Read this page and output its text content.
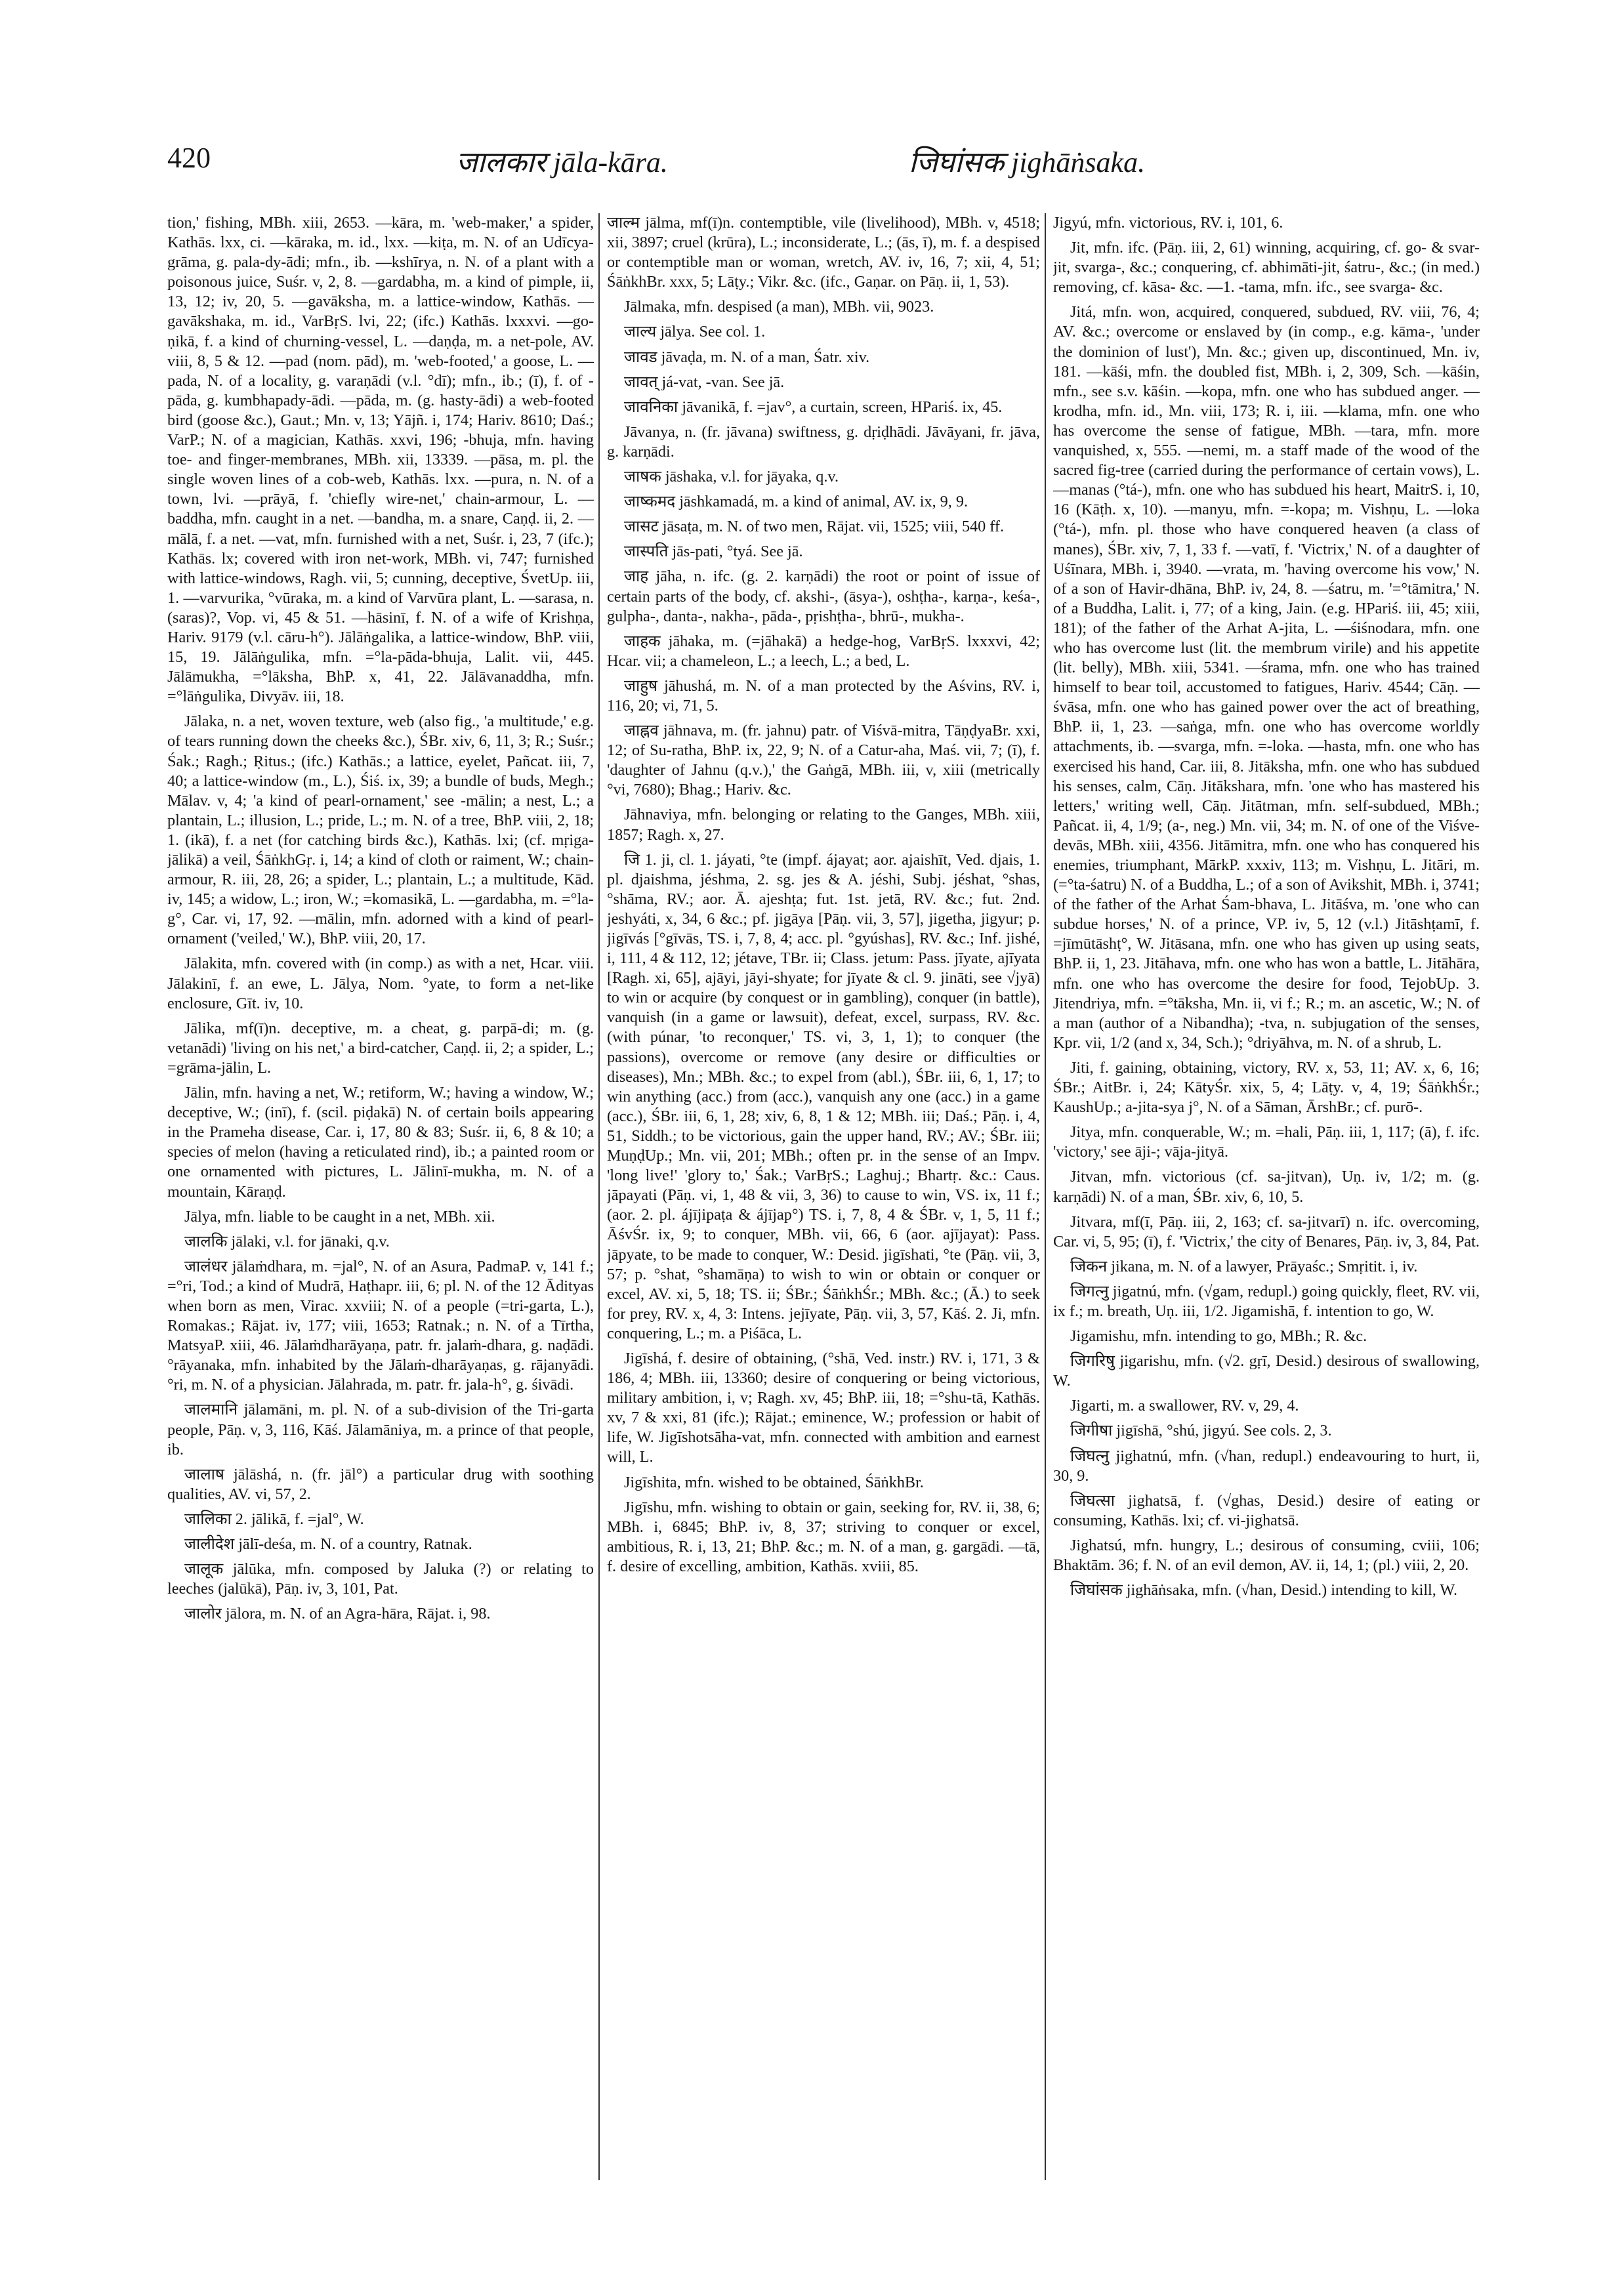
420	जालकार jāla-kāra.	जिघांसक jighāṅsaka.

tion,' fishing, MBh. xiii, 2653. —kāra, m. 'web-maker,' a spider, Kathās. lxx, ci. —kāraka, m. id., lxx. —kiṭa, m. N. of an Udīcya-grāma, g. pala-dy-ādi; mfn., ib. —kshīrya, n. N. of a plant with a poisonous juice, Suśr. v, 2, 8. —gardabha, m. a kind of pimple, ii, 13, 12; iv, 20, 5. —gavāksha, m. a lattice-window, Kathās. —gavākshaka, m. id., VarBṛS. lvi, 22; (ifc.) Kathās. lxxxvi. —go-ṇikā, f. a kind of churning-vessel, L. —daṇḍa, m. a net-pole, AV. viii, 8, 5 & 12. —pad (nom. pād), m. 'web-footed,' a goose, L. —pada, N. of a locality, g. varaṇādi (v.l. °dī); mfn., ib.; (ī), f. of -pāda, g. kumbhapady-ādi. —pāda, m. (g. hasty-ādi) a web-footed bird (goose &c.), Gaut.; Mn. v, 13; Yājñ. i, 174; Hariv. 8610; Daś.; VarP.; N. of a magician, Kathās. xxvi, 196; -bhuja, mfn. having toe- and finger-membranes, MBh. xii, 13339. —pāsa, m. pl. the single woven lines of a cob-web, Kathās. lxx. —pura, n. N. of a town, lvi. —prāyā, f. 'chiefly wire-net,' chain-armour, L. —baddha, mfn. caught in a net. —bandha, m. a snare, Caṇḍ. ii, 2. —mālā, f. a net. —vat, mfn. furnished with a net, Suśr. i, 23, 7 (ifc.); Kathās. lx; covered with iron net-work, MBh. vi, 747; furnished with lattice-windows, Ragh. vii, 5; cunning, deceptive, ŚvetUp. iii, 1. —varvurika, °vūraka, m. a kind of Varvūra plant, L. —sarasa, n. (saras)?, Vop. vi, 45 & 51. —hāsinī, f. N. of a wife of Krishṇa, Hariv. 9179 (v.l. cāru-h°). Jālāṅgalika, a lattice-window, BhP. viii, 15, 19. Jālāṅgulika, mfn. =°la-pāda-bhuja, Lalit. vii, 445. Jālāmukha, =°lāksha, BhP. x, 41, 22. Jālāvanaddha, mfn. =°lāṅgulika, Divyāv. iii, 18.

Jālaka, n. a net, woven texture, web (also fig., 'a multitude,' e.g. of tears running down the cheeks &c.), ŚBr. xiv, 6, 11, 3; R.; Suśr.; Śak.; Ragh.; Ṛitus.; (ifc.) Kathās.; a lattice, eyelet, Pañcat. iii, 7, 40; a lattice-window (m., L.), Śiś. ix, 39; a bundle of buds, Megh.; Mālav. v, 4; 'a kind of pearl-ornament,' see -mālin; a nest, L.; a plantain, L.; illusion, L.; pride, L.; m. N. of a tree, BhP. viii, 2, 18; 1. (ikā), f. a net (for catching birds &c.), Kathās. lxi; (cf. mṛiga-jālikā) a veil, ŚāṅkhGṛ. i, 14; a kind of cloth or raiment, W.; chain-armour, R. iii, 28, 26; a spider, L.; plantain, L.; a multitude, Kād. iv, 145; a widow, L.; iron, W.; =komasikā, L. —gardabha, m. =°la-g°, Car. vi, 17, 92. —mālin, mfn. adorned with a kind of pearl-ornament ('veiled,' W.), BhP. viii, 20, 17.

Jālakita, mfn. covered with (in comp.) as with a net, Hcar. viii. Jālakinī, f. an ewe, L. Jālya, Nom. °yate, to form a net-like enclosure, Gīt. iv, 10.

Jālika, mf(ī)n. deceptive, m. a cheat, g. parpā-di; m. (g. vetanādi) 'living on his net,' a bird-catcher, Caṇḍ. ii, 2; a spider, L.; =grāma-jālin, L.

Jālin, mfn. having a net, W.; retiform, W.; having a window, W.; deceptive, W.; (inī), f. (scil. piḍakā) N. of certain boils appearing in the Prameha disease, Car. i, 17, 80 & 83; Suśr. ii, 6, 8 & 10; a species of melon (having a reticulated rind), ib.; a painted room or one ornamented with pictures, L. Jālinī-mukha, m. N. of a mountain, Kāraṇḍ.

Jālya, mfn. liable to be caught in a net, MBh. xii.

जालकि jālaki, v.l. for jānaki, q.v.

जालंधर jālaṁdhara, m. =jal°, N. of an Asura, PadmaP. v, 141 f.; =°ri, Tod.; a kind of Mudrā, Haṭhapr. iii, 6; pl. N. of the 12 Ādityas when born as men, Virac. xxviii; N. of a people (=tri-garta, L.), Romakas.; Rājat. iv, 177; viii, 1653; Ratnak.; n. N. of a Tīrtha, MatsyaP. xiii, 46. Jālaṁdharāyaṇa, patr. fr. jalaṁ-dhara, g. naḍādi. °rāyanaka, mfn. inhabited by the Jālaṁ-dharāyaṇas, g. rājanyādi. °ri, m. N. of a physician. Jālahrada, m. patr. fr. jala-h°, g. śivādi.

जालमानि jālamāni, m. pl. N. of a sub-division of the Tri-garta people, Pāṇ. v, 3, 116, Kāś. Jālamāniya, m. a prince of that people, ib.

जालाष jālāshá, n. (fr. jāl°) a particular drug with soothing qualities, AV. vi, 57, 2.

जालिका 2. jālikā, f. =jal°, W.

जालीदेश jālī-deśa, m. N. of a country, Ratnak.

जालूक jālūka, mfn. composed by Jaluka (?) or relating to leeches (jalūkā), Pāṇ. iv, 3, 101, Pat.

जालोर jālora, m. N. of an Agra-hāra, Rājat. i, 98.

जाल्म jālma, mf(ī)n. contemptible, vile (livelihood), MBh. v, 4518; xii, 3897; cruel (krūra), L.; inconsiderate, L.; (ās, ī), m. f. a despised or contemptible man or woman, wretch, AV. iv, 16, 7; xii, 4, 51; ŚāṅkhBr. xxx, 5; Lāṭy.; Vikr. &c. (ifc., Gaṇar. on Pāṇ. ii, 1, 53).

Jālmaka, mfn. despised (a man), MBh. vii, 9023.

जाल्य jālya. See col. 1.

जावड jāvaḍa, m. N. of a man, Śatr. xiv.

जावत् já-vat, -van. See jā.

जावनिका jāvanikā, f. =jav°, a curtain, screen, HPariś. ix, 45.

Jāvanya, n. (fr. jāvana) swiftness, g. dṛiḍhādi. Jāvāyani, fr. jāva, g. karṇādi.

जाषक jāshaka, v.l. for jāyaka, q.v.

जाष्कमद jāshkamadá, m. a kind of animal, AV. ix, 9, 9.

जासट jāsaṭa, m. N. of two men, Rājat. vii, 1525; viii, 540 ff.

जास्पति jās-pati, °tyá. See jā.

जाह jāha, n. ifc. (g. 2. karṇādi) the root or point of issue of certain parts of the body, cf. akshi-, (āsya-), oshṭha-, karṇa-, keśa-, gulpha-, danta-, nakha-, pāda-, pṛishṭha-, bhrū-, mukha-.

जाहक jāhaka, m. (=jāhakā) a hedge-hog, VarBṛS. lxxxvi, 42; Hcar. vii; a chameleon, L.; a leech, L.; a bed, L.

जाहुष jāhushá, m. N. of a man protected by the Aśvins, RV. i, 116, 20; vi, 71, 5.

जाह्नव jāhnava, m. (fr. jahnu) patr. of Viśvā-mitra, TāṇḍyaBr. xxi, 12; of Su-ratha, BhP. ix, 22, 9; N. of a Catur-aha, Maś. vii, 7; (ī), f. 'daughter of Jahnu (q.v.),' the Gaṅgā, MBh. iii, v, xiii (metrically °vi, 7680); Bhag.; Hariv. &c.

Jāhnaviya, mfn. belonging or relating to the Ganges, MBh. xiii, 1857; Ragh. x, 27.

जि 1. ji, cl. 1. jáyati, °te (impf. ájayat; aor. ajaishīt, Ved. djais, 1. pl. djaishma, jéshma, 2. sg. jes & A. jéshi, Subj. jéshat, °shas, °shāma, RV.; aor. Ā. ajeshṭa; fut. 1st. jetā, RV. &c.; fut. 2nd. jeshyáti, x, 34, 6 &c.; pf. jigāya [Pāṇ. vii, 3, 57], jigetha, jigyur; p. jigīvás [°gīvās, TS. i, 7, 8, 4; acc. pl. °gyúshas], RV. &c.; Inf. jishé, i, 111, 4 & 112, 12; jétave, TBr. ii; Class. jetum: Pass. jīyate, ajīyata [Ragh. xi, 65], ajāyi, jāyi-shyate; for jīyate & cl. 9. jināti, see √jyā) to win or acquire (by conquest or in gambling), conquer (in battle), vanquish (in a game or lawsuit), defeat, excel, surpass, RV. &c. (with púnar, 'to reconquer,' TS. vi, 3, 1, 1); to conquer (the passions), overcome or remove (any desire or difficulties or diseases), Mn.; MBh. &c.; to expel from (abl.), ŚBr. iii, 6, 1, 17; to win anything (acc.) from (acc.), vanquish any one (acc.) in a game (acc.), ŚBr. iii, 6, 1, 28; xiv, 6, 8, 1 & 12; MBh. iii; Daś.; Pāṇ. i, 4, 51, Siddh.; to be victorious, gain the upper hand, RV.; AV.; ŚBr. iii; MuṇḍUp.; Mn. vii, 201; MBh.; often pr. in the sense of an Impv. 'long live!' 'glory to,' Śak.; VarBṛS.; Laghuj.; Bhartṛ. &c.: Caus. jāpayati (Pāṇ. vi, 1, 48 & vii, 3, 36) to cause to win, VS. ix, 11 f.; (aor. 2. pl. ájījipaṭa & ájījap°) TS. i, 7, 8, 4 & ŚBr. v, 1, 5, 11 f.; ĀśvŚr. ix, 9; to conquer, MBh. vii, 66, 6 (aor. ajījayat): Pass. jāpyate, to be made to conquer, W.: Desid. jigīshati, °te (Pāṇ. vii, 3, 57; p. °shat, °shamāṇa) to wish to win or obtain or conquer or excel, AV. xi, 5, 18; TS. ii; ŚBr.; ŚāṅkhŚr.; MBh. &c.; (Ā.) to seek for prey, RV. x, 4, 3: Intens. jejīyate, Pāṇ. vii, 3, 57, Kāś. 2. Ji, mfn. conquering, L.; m. a Piśāca, L.

Jigīshá, f. desire of obtaining, (°shā, Ved. instr.) RV. i, 171, 3 & 186, 4; MBh. iii, 13360; desire of conquering or being victorious, military ambition, i, v; Ragh. xv, 45; BhP. iii, 18; =°shu-tā, Kathās. xv, 7 & xxi, 81 (ifc.); Rājat.; eminence, W.; profession or habit of life, W. Jigīshotsāha-vat, mfn. connected with ambition and earnest will, L.

Jigīshita, mfn. wished to be obtained, ŚāṅkhBr.

Jigīshu, mfn. wishing to obtain or gain, seeking for, RV. ii, 38, 6; MBh. i, 6845; BhP. iv, 8, 37; striving to conquer or excel, ambitious, R. i, 13, 21; BhP. &c.; m. N. of a man, g. gargādi. —tā, f. desire of excelling, ambition, Kathās. xviii, 85.

Jigyú, mfn. victorious, RV. i, 101, 6.

Jit, mfn. ifc. (Pāṇ. iii, 2, 61) winning, acquiring, cf. go- & svar-jit, svarga-, &c.; conquering, cf. abhimāti-jit, śatru-, &c.; (in med.) removing, cf. kāsa- &c. —1. -tama, mfn. ifc., see svarga- &c.

Jitá, mfn. won, acquired, conquered, subdued, RV. viii, 76, 4; AV. &c.; overcome or enslaved by (in comp., e.g. kāma-, 'under the dominion of lust'), Mn. &c.; given up, discontinued, Mn. iv, 181. —kāśi, mfn. the doubled fist, MBh. i, 2, 309, Sch. —kāśin, mfn., see s.v. kāśin. —kopa, mfn. one who has subdued anger. —krodha, mfn. id., Mn. viii, 173; R. i, iii. —klama, mfn. one who has overcome the sense of fatigue, MBh. —tara, mfn. more vanquished, x, 555. —nemi, m. a staff made of the wood of the sacred fig-tree (carried during the performance of certain vows), L. —manas (°tá-), mfn. one who has subdued his heart, MaitrS. i, 10, 16 (Kāṭh. x, 10). —manyu, mfn. =-kopa; m. Vishṇu, L. —loka (°tá-), mfn. pl. those who have conquered heaven (a class of manes), ŚBr. xiv, 7, 1, 33 f. —vatī, f. 'Victrix,' N. of a daughter of Uśīnara, MBh. i, 3940. —vrata, m. 'having overcome his vow,' N. of a son of Havir-dhāna, BhP. iv, 24, 8. —śatru, m. '=°tāmitra,' N. of a Buddha, Lalit. i, 77; of a king, Jain. (e.g. HPariś. iii, 45; xiii, 181); of the father of the Arhat A-jita, L. —śiśnodara, mfn. one who has overcome lust (lit. the membrum virile) and his appetite (lit. belly), MBh. xiii, 5341. —śrama, mfn. one who has trained himself to bear toil, accustomed to fatigues, Hariv. 4544; Cāṇ. —śvāsa, mfn. one who has gained power over the act of breathing, BhP. ii, 1, 23. —saṅga, mfn. one who has overcome worldly attachments, ib. —svarga, mfn. =-loka. —hasta, mfn. one who has exercised his hand, Car. iii, 8. Jitāksha, mfn. one who has subdued his senses, calm, Cāṇ. Jitākshara, mfn. 'one who has mastered his letters,' writing well, Cāṇ. Jitātman, mfn. self-subdued, MBh.; Pañcat. ii, 4, 1/9; (a-, neg.) Mn. vii, 34; m. N. of one of the Viśve-devās, MBh. xiii, 4356. Jitāmitra, mfn. one who has conquered his enemies, triumphant, MārkP. xxxiv, 113; m. Vishṇu, L. Jitāri, m. (=°ta-śatru) N. of a Buddha, L.; of a son of Avikshit, MBh. i, 3741; of the father of the Arhat Śam-bhava, L. Jitāśva, m. 'one who can subdue horses,' N. of a prince, VP. iv, 5, 12 (v.l.) Jitāshṭamī, f. =jīmūtāshṭ°, W. Jitāsana, mfn. one who has given up using seats, BhP. ii, 1, 23. Jitāhava, mfn. one who has won a battle, L. Jitāhāra, mfn. one who has overcome the desire for food, TejobUp. 3. Jitendriya, mfn. =°tāksha, Mn. ii, vi f.; R.; m. an ascetic, W.; N. of a man (author of a Nibandha); -tva, n. subjugation of the senses, Kpr. vii, 1/2 (and x, 34, Sch.); °driyāhva, m. N. of a shrub, L.

Jiti, f. gaining, obtaining, victory, RV. x, 53, 11; AV. x, 6, 16; ŚBr.; AitBr. i, 24; KātyŚr. xix, 5, 4; Lāṭy. v, 4, 19; ŚāṅkhŚr.; KaushUp.; a-jita-sya j°, N. of a Sāman, ĀrshBr.; cf. purō-.

Jitya, mfn. conquerable, W.; m. =hali, Pāṇ. iii, 1, 117; (ā), f. ifc. 'victory,' see āji-; vāja-jityā.

Jitvan, mfn. victorious (cf. sa-jitvan), Uṇ. iv, 1/2; m. (g. karṇādi) N. of a man, ŚBr. xiv, 6, 10, 5.

Jitvara, mf(ī, Pāṇ. iii, 2, 163; cf. sa-jitvarī) n. ifc. overcoming, Car. vi, 5, 95; (ī), f. 'Victrix,' the city of Benares, Pāṇ. iv, 3, 84, Pat.

जिकन jikana, m. N. of a lawyer, Prāyaśc.; Smṛitit. i, iv.

जिगत्नु jigatnú, mfn. (√gam, redupl.) going quickly, fleet, RV. vii, ix f.; m. breath, Uṇ. iii, 1/2. Jigamishā, f. intention to go, W.

Jigamishu, mfn. intending to go, MBh.; R. &c.

जिगरिषु jigarishu, mfn. (√2. gṛī, Desid.) desirous of swallowing, W.

Jigarti, m. a swallower, RV. v, 29, 4.

जिगीषा jigīshā, °shú, jigyú. See cols. 2, 3.

जिघत्नु jighatnú, mfn. (√han, redupl.) endeavouring to hurt, ii, 30, 9.

जिघत्सा jighatsā, f. (√ghas, Desid.) desire of eating or consuming, Kathās. lxi; cf. vi-jighatsā.

Jighatsú, mfn. hungry, L.; desirous of consuming, cviii, 106; Bhaktām. 36; f. N. of an evil demon, AV. ii, 14, 1; (pl.) viii, 2, 20.

जिघांसक jighāṅsaka, mfn. (√han, Desid.) intending to kill, W.
